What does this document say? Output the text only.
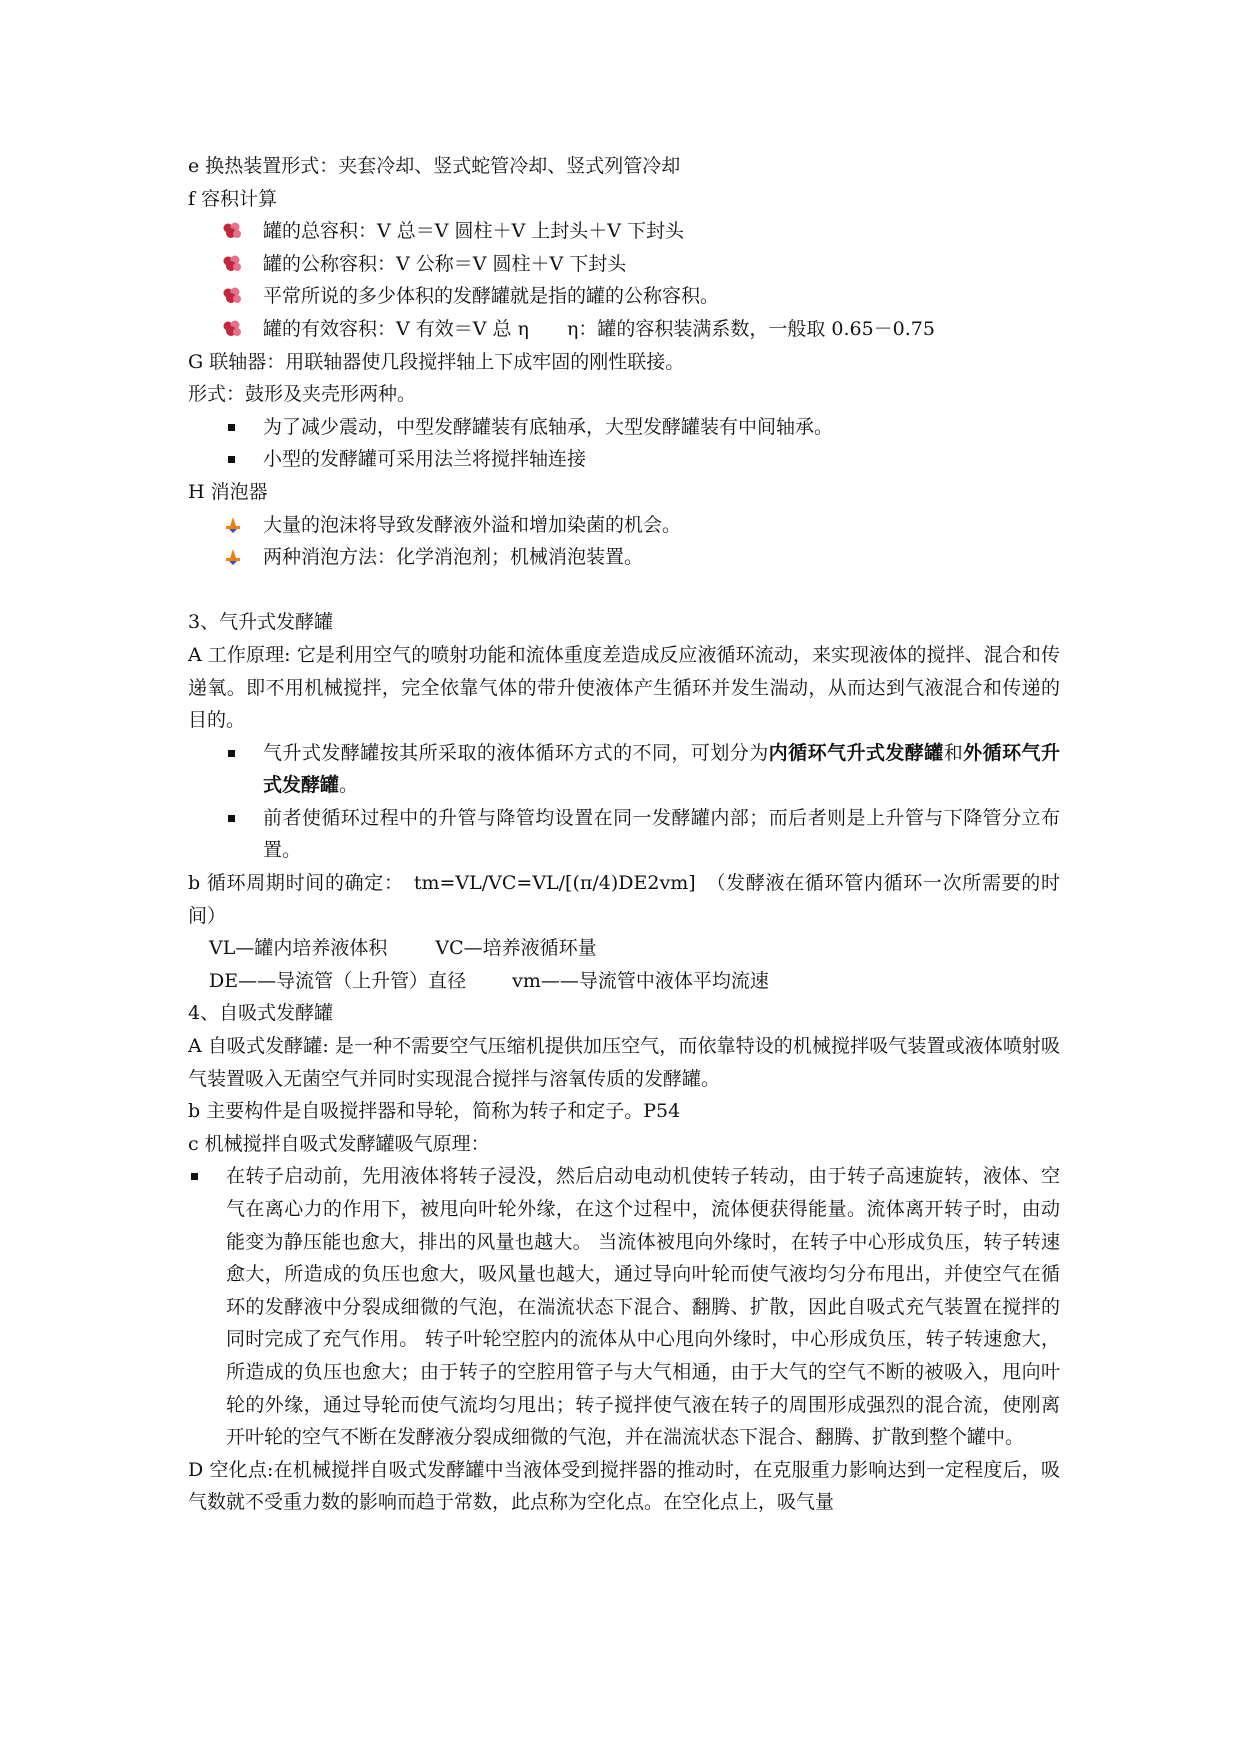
e 换热装置形式：夹套冷却、竖式蛇管冷却、竖式列管冷却

f 容积计算

罐的总容积：V 总＝V 圆柱＋V 上封头＋V 下封头
罐的公称容积：V 公称＝V 圆柱＋V 下封头
平常所说的多少体积的发酵罐就是指的罐的公称容积。
罐的有效容积：V 有效＝V 总 η　　η：罐的容积装满系数，一般取 0.65－0.75

G 联轴器：用联轴器使几段搅拌轴上下成牢固的刚性联接。

形式：鼓形及夹壳形两种。

为了减少震动，中型发酵罐装有底轴承，大型发酵罐装有中间轴承。
小型的发酵罐可采用法兰将搅拌轴连接

H 消泡器

大量的泡沫将导致发酵液外溢和增加染菌的机会。
两种消泡方法：化学消泡剂；机械消泡装置。

3、气升式发酵罐

A 工作原理: 它是利用空气的喷射功能和流体重度差造成反应液循环流动，来实现液体的搅拌、混合和传递氧。即不用机械搅拌，完全依靠气体的带升使液体产生循环并发生湍动，从而达到气液混合和传递的目的。

气升式发酵罐按其所采取的液体循环方式的不同，可划分为内循环气升式发酵罐和外循环气升式发酵罐。
前者使循环过程中的升管与降管均设置在同一发酵罐内部；而后者则是上升管与下降管分立布置。

b 循环周期时间的确定：　tm=VL/VC=VL/[(π/4)DE2vm]　（发酵液在循环管内循环一次所需要的时间）

VL—罐内培养液体积	VC—培养液循环量

DE——导流管（上升管）直径 vm——导流管中液体平均流速

4、自吸式发酵罐

A 自吸式发酵罐: 是一种不需要空气压缩机提供加压空气，而依靠特设的机械搅拌吸气装置或液体喷射吸气装置吸入无菌空气并同时实现混合搅拌与溶氧传质的发酵罐。

b 主要构件是自吸搅拌器和导轮，简称为转子和定子。P54

c 机械搅拌自吸式发酵罐吸气原理：

在转子启动前，先用液体将转子浸没，然后启动电动机使转子转动，由于转子高速旋转，液体、空气在离心力的作用下，被甩向叶轮外缘，在这个过程中，流体便获得能量。流体离开转子时，由动能变为静压能也愈大，排出的风量也越大。 当流体被甩向外缘时，在转子中心形成负压，转子转速愈大，所造成的负压也愈大，吸风量也越大，通过导向叶轮而使气液均匀分布甩出，并使空气在循环的发酵液中分裂成细微的气泡，在湍流状态下混合、翻腾、扩散，因此自吸式充气装置在搅拌的同时完成了充气作用。 转子叶轮空腔内的流体从中心甩向外缘时，中心形成负压，转子转速愈大，所造成的负压也愈大；由于转子的空腔用管子与大气相通，由于大气的空气不断的被吸入，甩向叶轮的外缘，通过导轮而使气流均匀甩出；转子搅拌使气液在转子的周围形成强烈的混合流，使刚离开叶轮的空气不断在发酵液分裂成细微的气泡，并在湍流状态下混合、翻腾、扩散到整个罐中。

D 空化点:在机械搅拌自吸式发酵罐中当液体受到搅拌器的推动时，在克服重力影响达到一定程度后，吸气数就不受重力数的影响而趋于常数，此点称为空化点。在空化点上，吸气量
